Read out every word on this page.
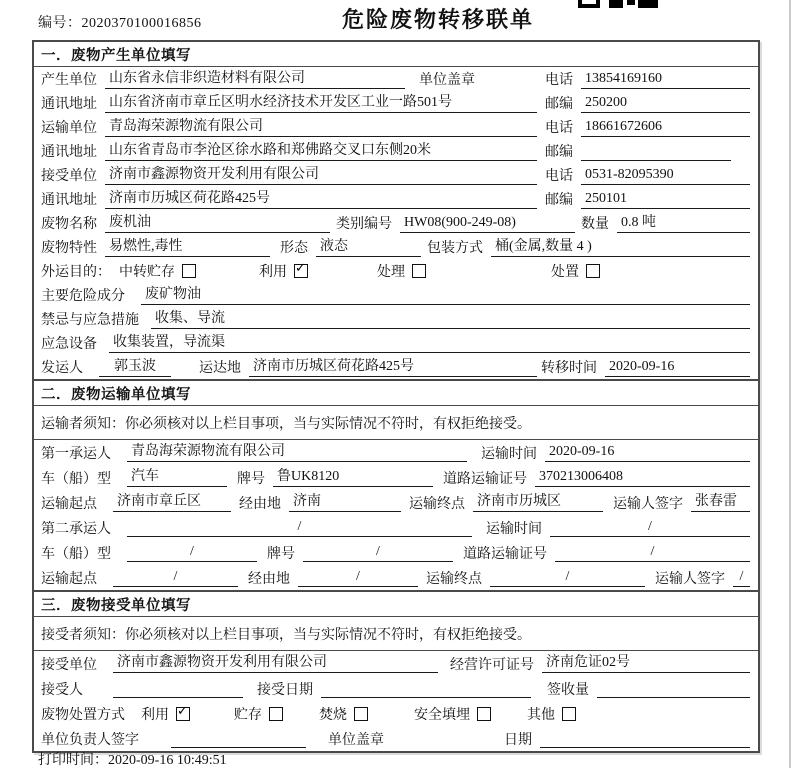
编号：2020370100016856	危险废物转移联单
一．废物产生单位填写
产生单位 山东省永信非织造材料有限公司	单位盖章	电话 13854169160
通讯地址 山东省济南市章丘区明水经济技术开发区工业一路501号	邮编 250200
运输单位 青岛海荣源物流有限公司	电话 18661672606
通讯地址 山东省青岛市李沧区徐水路和郑佛路交叉口东侧20米	邮编
接受单位 济南市鑫源物资开发利用有限公司	电话 0531-82095390
通讯地址 济南市历城区荷花路425号	邮编 250101
废物名称 废机油	类别编号 HW08(900-249-08)	数量 0.8 吨
废物特性 易燃性,毒性	形态 液态	包装方式 桶(金属,数量 4 )
外运目的： 中转贮存	利用 ✓	处理	处置
主要危险成分 废矿物油
禁忌与应急措施 收集、导流
应急设备 收集装置，导流渠
发运人	郭玉波	运达地 济南市历城区荷花路425号	转移时间 2020-09-16
二．废物运输单位填写
运输者须知：你必须核对以上栏目事项，当与实际情况不符时，有权拒绝接受。
第一承运人 青岛海荣源物流有限公司	运输时间 2020-09-16
车（船）型 汽车	牌号 鲁UK8120	道路运输证号 370213006408
运输起点 济南市章丘区	经由地 济南	运输终点 济南市历城区	运输人签字 张春雷
第二承运人	/	运输时间	/
车（船）型	/	牌号	/	道路运输证号	/
运输起点	/	经由地	/	运输终点	/	运输人签字	/
三．废物接受单位填写
接受者须知：你必须核对以上栏目事项，当与实际情况不符时，有权拒绝接受。
接受单位 济南市鑫源物资开发利用有限公司	经营许可证号 济南危证02号
接受人	接受日期	签收量
废物处置方式 利用 ✓	贮存	焚烧	安全填埋	其他
单位负责人签字	单位盖章	日期
打印时间：2020-09-16 10:49:51
